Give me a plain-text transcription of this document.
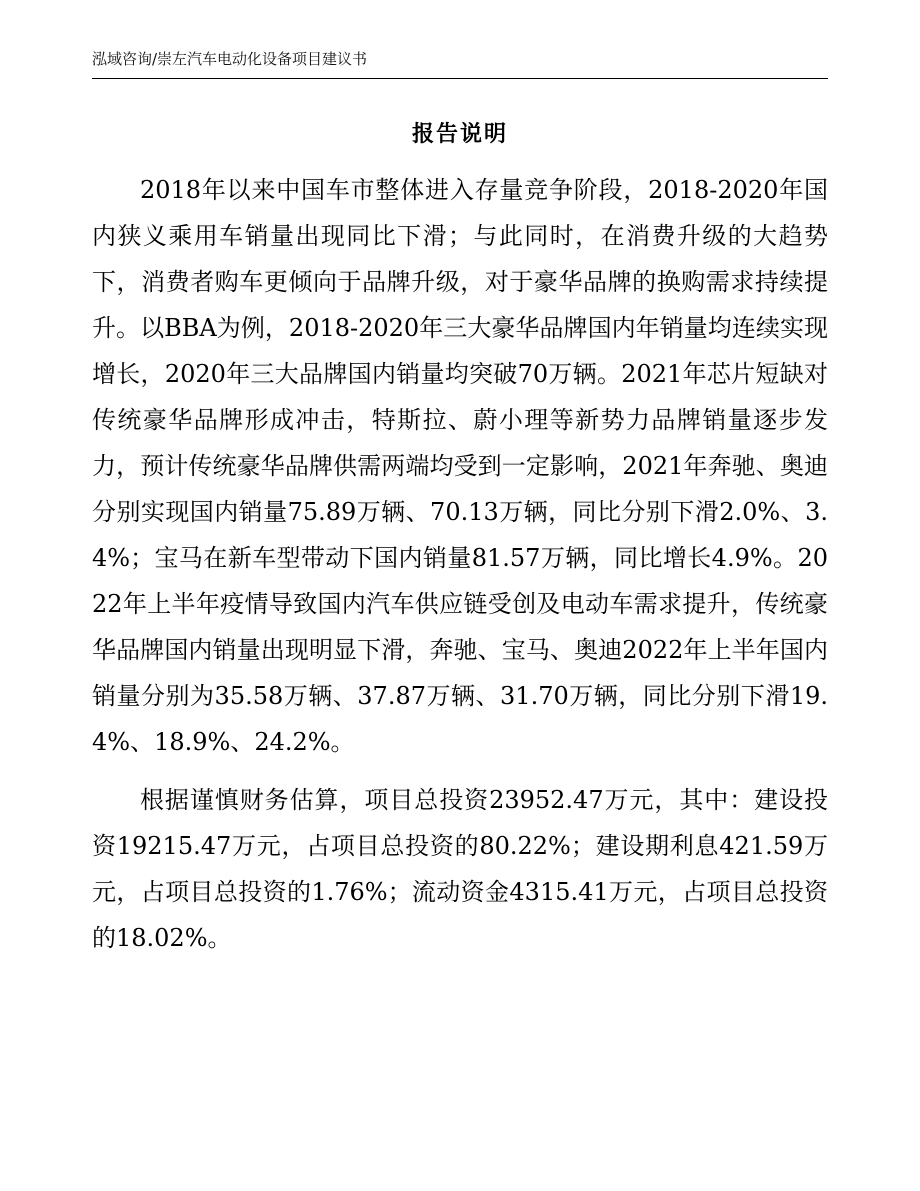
泓域咨询/崇左汽车电动化设备项目建议书
报告说明

2018年以来中国车市整体进入存量竞争阶段，2018-2020年国内狭义乘用车销量出现同比下滑；与此同时，在消费升级的大趋势下，消费者购车更倾向于品牌升级，对于豪华品牌的换购需求持续提升。以BBA为例，2018-2020年三大豪华品牌国内年销量均连续实现增长，2020年三大品牌国内销量均突破70万辆。2021年芯片短缺对传统豪华品牌形成冲击，特斯拉、蔚小理等新势力品牌销量逐步发力，预计传统豪华品牌供需两端均受到一定影响，2021年奔驰、奥迪分别实现国内销量75.89万辆、70.13万辆，同比分别下滑2.0%、3.4%；宝马在新车型带动下国内销量81.57万辆，同比增长4.9%。2022年上半年疫情导致国内汽车供应链受创及电动车需求提升，传统豪华品牌国内销量出现明显下滑，奔驰、宝马、奥迪2022年上半年国内销量分别为35.58万辆、37.87万辆、31.70万辆，同比分别下滑19.4%、18.9%、24.2%。

根据谨慎财务估算，项目总投资23952.47万元，其中：建设投资19215.47万元，占项目总投资的80.22%；建设期利息421.59万元，占项目总投资的1.76%；流动资金4315.41万元，占项目总投资的18.02%。
